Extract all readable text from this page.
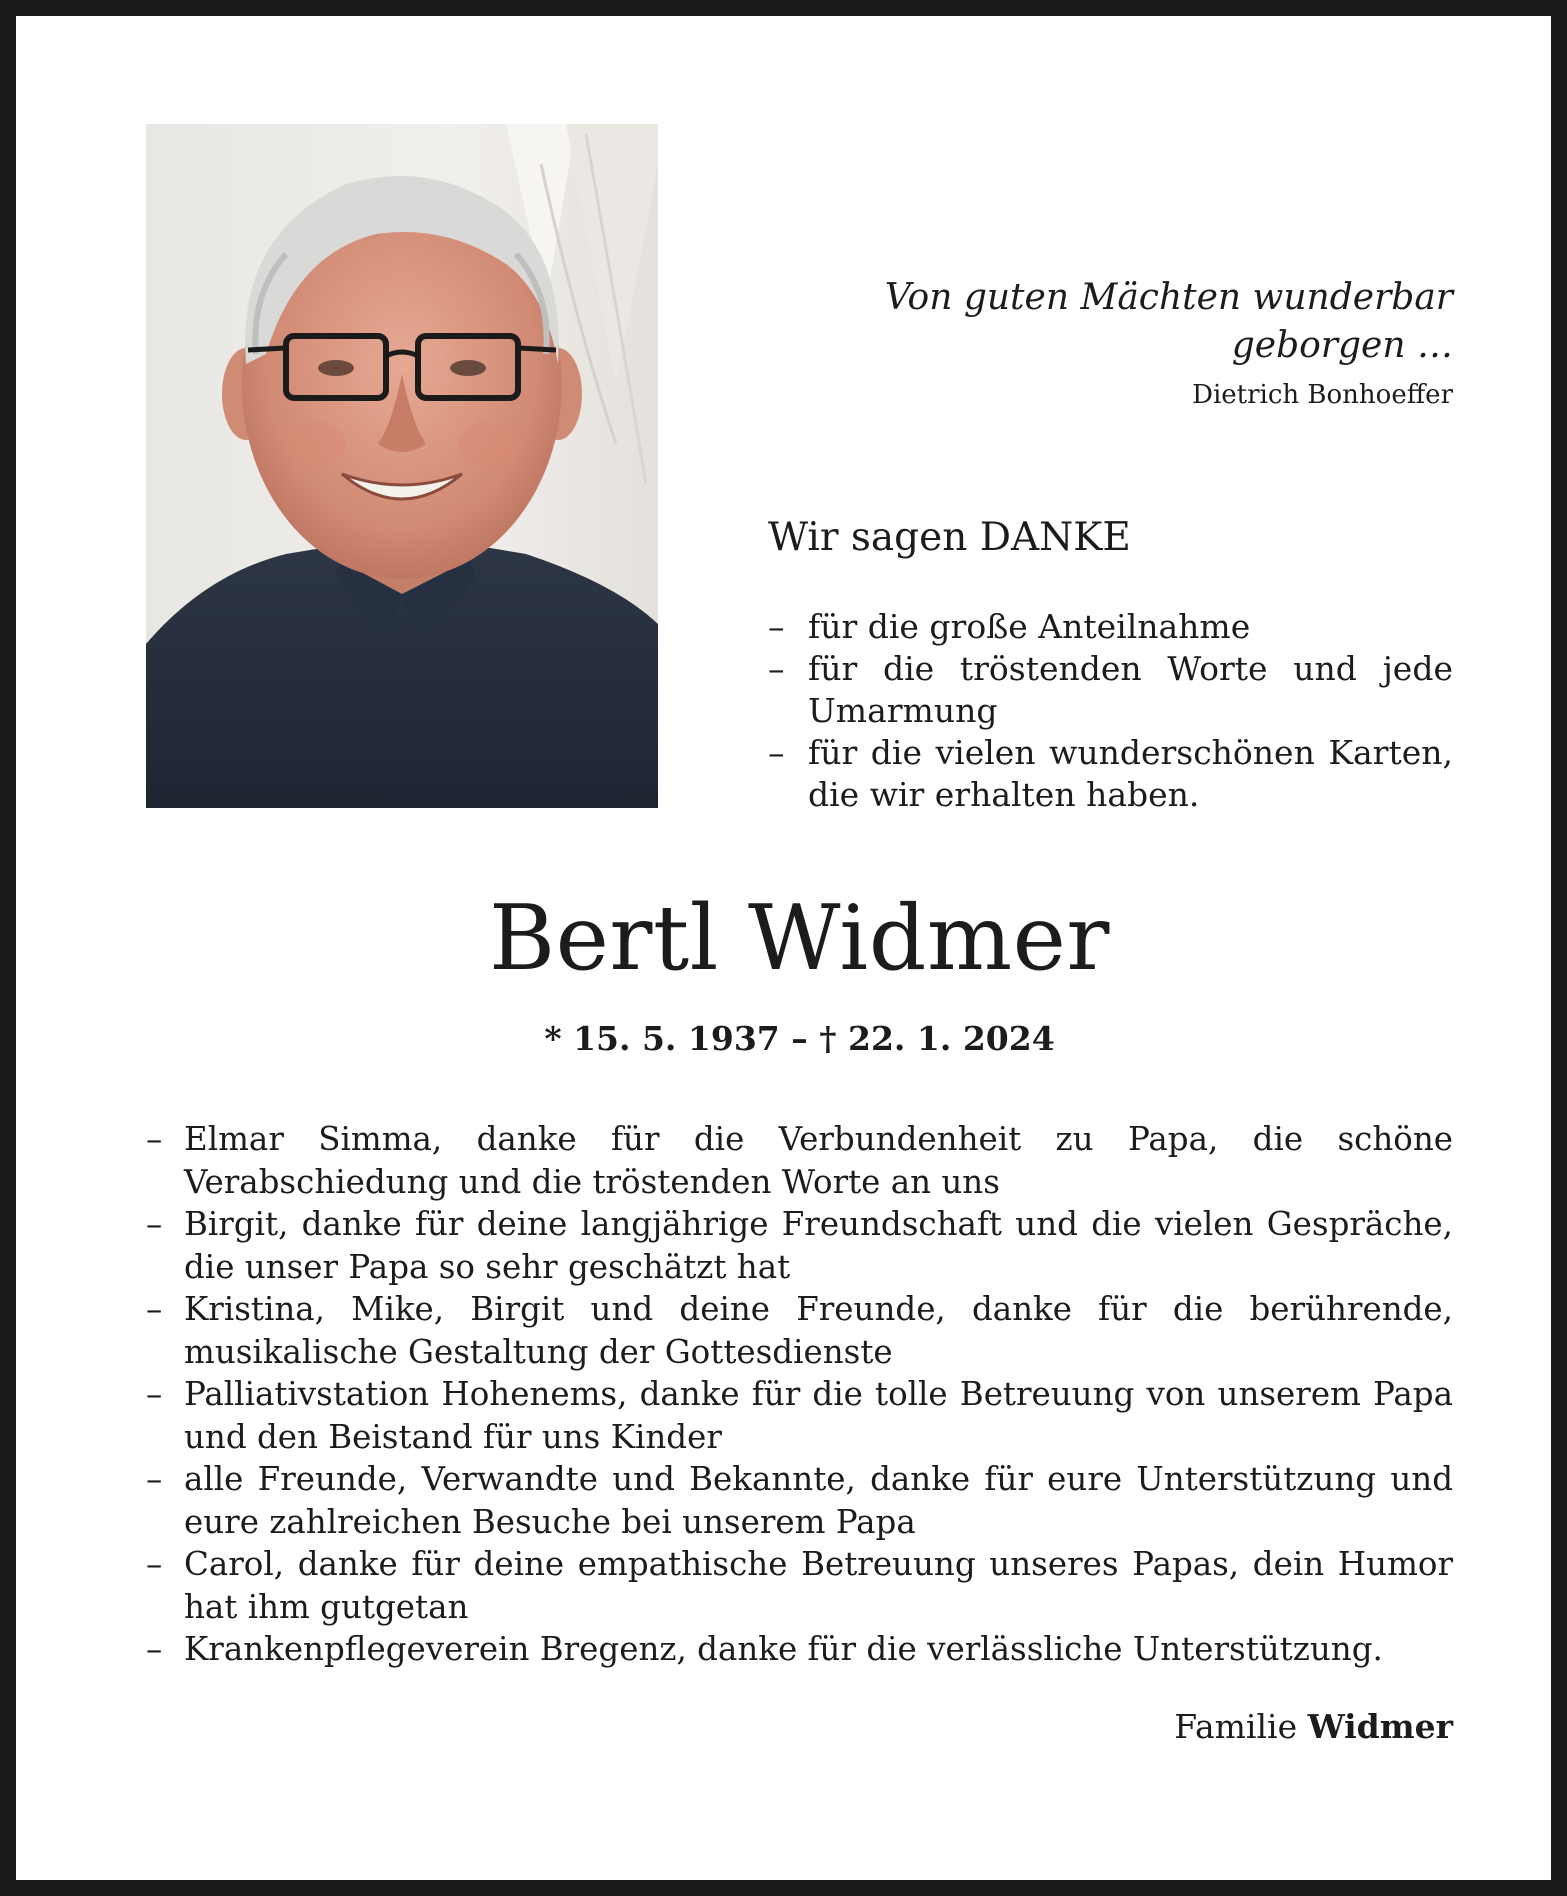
Von guten Mächten wunderbar geborgen …
Dietrich Bonhoeffer
Wir sagen DANKE
– für die große Anteilnahme
– für die tröstenden Worte und jede Umarmung
– für die vielen wunderschönen Karten, die wir erhalten haben.
Bertl Widmer
* 15. 5. 1937 – † 22. 1. 2024
– Elmar Simma, danke für die Verbundenheit zu Papa, die schöne Verabschiedung und die tröstenden Worte an uns
– Birgit, danke für deine langjährige Freundschaft und die vielen Gespräche, die unser Papa so sehr geschätzt hat
– Kristina, Mike, Birgit und deine Freunde, danke für die berührende, musikalische Gestaltung der Gottesdienste
– Palliativstation Hohenems, danke für die tolle Betreuung von unserem Papa und den Beistand für uns Kinder
– alle Freunde, Verwandte und Bekannte, danke für eure Unterstützung und eure zahlreichen Besuche bei unserem Papa
– Carol, danke für deine empathische Betreuung unseres Papas, dein Humor hat ihm gutgetan
– Krankenpflegeverein Bregenz, danke für die verlässliche Unterstützung.
Familie Widmer
